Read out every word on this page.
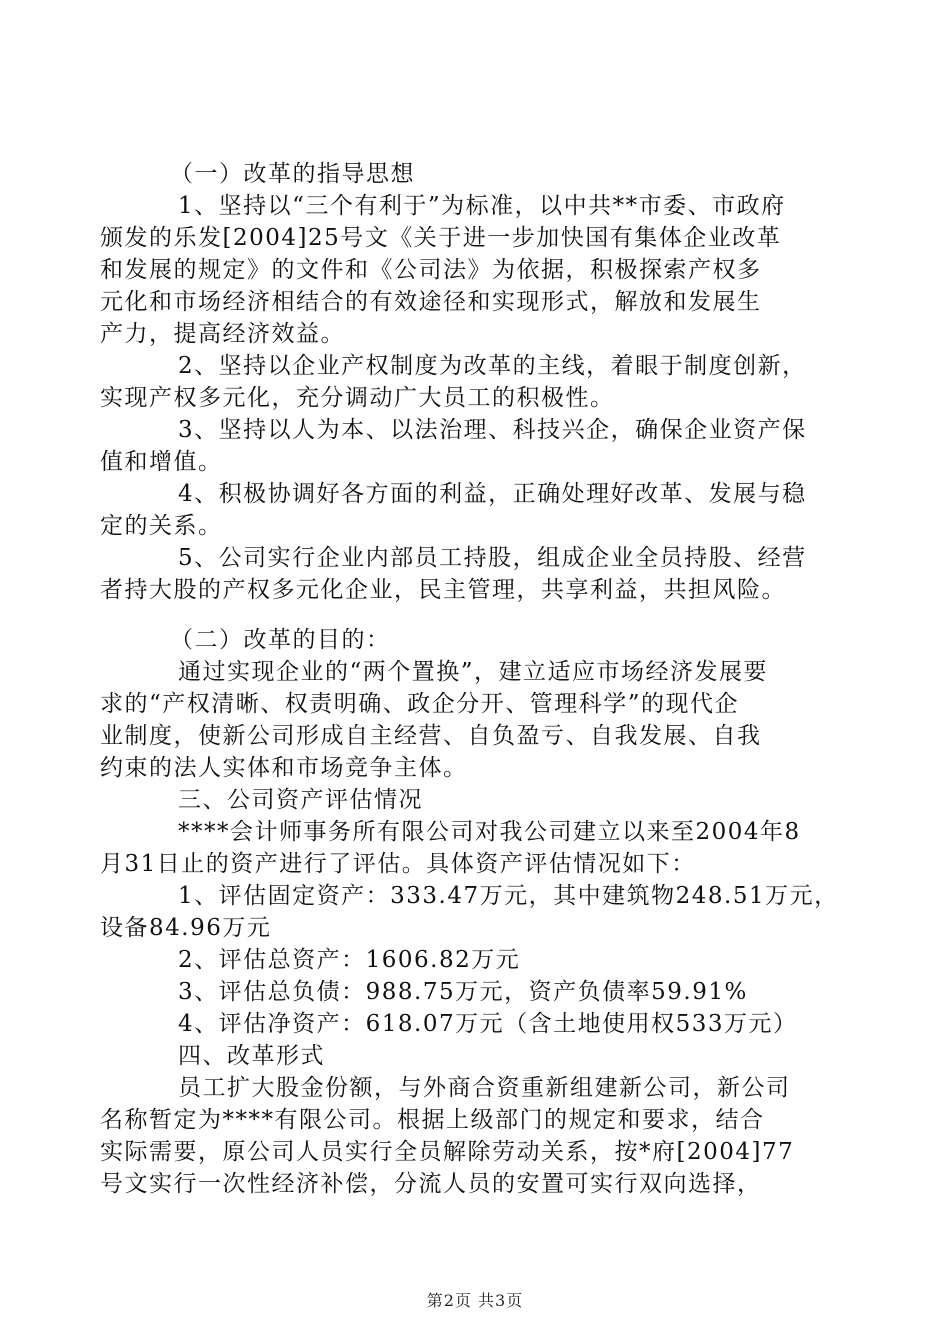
（一）改革的指导思想
1、坚持以“三个有利于”为标准，以中共**市委、市政府
颁发的乐发[2004]25号文《关于进一步加快国有集体企业改革
和发展的规定》的文件和《公司法》为依据，积极探索产权多
元化和市场经济相结合的有效途径和实现形式，解放和发展生
产力，提高经济效益。
2、坚持以企业产权制度为改革的主线，着眼于制度创新，
实现产权多元化，充分调动广大员工的积极性。
3、坚持以人为本、以法治理、科技兴企，确保企业资产保
值和增值。
4、积极协调好各方面的利益，正确处理好改革、发展与稳
定的关系。
5、公司实行企业内部员工持股，组成企业全员持股、经营
者持大股的产权多元化企业，民主管理，共享利益，共担风险。
（二）改革的目的：
通过实现企业的“两个置换”，建立适应市场经济发展要
求的“产权清晰、权责明确、政企分开、管理科学”的现代企
业制度，使新公司形成自主经营、自负盈亏、自我发展、自我
约束的法人实体和市场竞争主体。
三、公司资产评估情况
****会计师事务所有限公司对我公司建立以来至2004年8
月31日止的资产进行了评估。具体资产评估情况如下：
1、评估固定资产：333.47万元，其中建筑物248.51万元，
设备84.96万元
2、评估总资产：1606.82万元
3、评估总负债：988.75万元，资产负债率59.91%
4、评估净资产：618.07万元（含土地使用权533万元）
四、改革形式
员工扩大股金份额，与外商合资重新组建新公司，新公司
名称暂定为****有限公司。根据上级部门的规定和要求，结合
实际需要，原公司人员实行全员解除劳动关系，按*府[2004]77
号文实行一次性经济补偿，分流人员的安置可实行双向选择，
第2页 共3页
